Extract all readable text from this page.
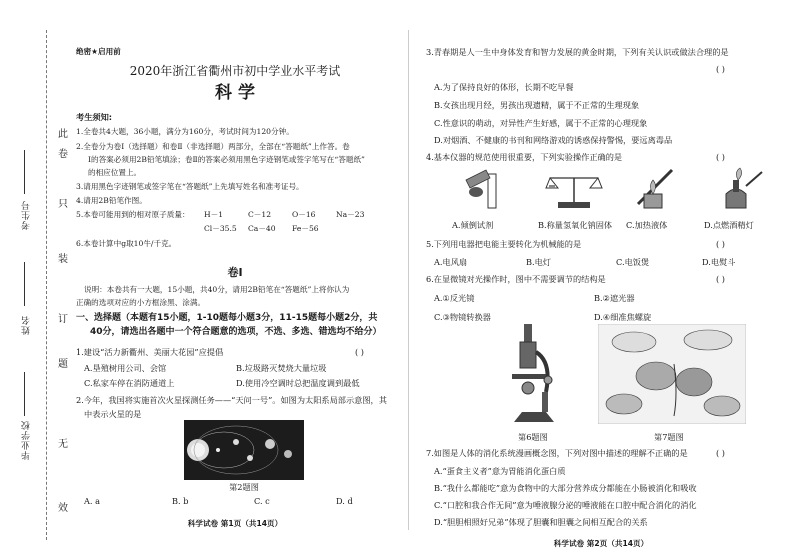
此
卷
只
装
订
题
无
效
考生号
姓名
毕业学校
绝密★启用前
2020年浙江省衢州市初中学业水平考试
科 学
考生须知:
1.全卷共4大题，36小题，满分为160分，考试时间为120分钟。
2.全卷分为卷Ⅰ（选择题）和卷Ⅱ（非选择题）两部分，全部在“答题纸”上作答。卷
Ⅰ的答案必须用2B铅笔填涂；卷Ⅱ的答案必须用黑色字迹钢笔或签字笔写在“答题纸”
的相应位置上。
3.请用黑色字迹钢笔或签字笔在“答题纸”上先填写姓名和准考证号。
4.请用2B铅笔作图。
5.本卷可能用到的相对原子质量： H－1	C－12	O－16	Na－23
Cl－35.5 Ca－40 Fe－56
6.本卷计算中g取10牛/千克。
卷Ⅰ
说明：本卷共有一大题，15小题，共40分，请用2B铅笔在“答题纸”上将你认为
正确的选项对应的小方框涂黑、涂满。
一、选择题（本题有15小题，1-10题每小题3分，11-15题每小题2分，共
40分，请选出各题中一个符合题意的选项，不选、多选、错选均不给分）
1.建设“活力新衢州、美丽大花园”应提倡	( )
A.垦殖树用公司、会馆	B.垃圾路灭焚烧大量垃圾
C.私家车停在消防通道上	D.使用冷空调时总把温度调到最低
2.今年，我国将实施首次火星探测任务——“天问一号”。如图为太阳系局部示意图，其
中表示火星的是
第2题图
A. a	B. b	C. c	D. d
科学试卷 第1页（共14页）
3.青春期是人一生中身体发育和智力发展的黄金时期，下列有关认识或做法合理的是
( )
A.为了保持良好的体形，长期不吃早餐
B.女孩出现月经，男孩出现遗精，属于不正常的生理现象
C.性意识的萌动，对异性产生好感，属于不正常的心理现象
D.对烟酒、不健康的书刊和网络游戏的诱惑保持警惕，要远离毒品
4.基本仪器的规范使用很重要，下列实验操作正确的是	( )
A.倾倒试剂	B.称量氢氧化钠固体 C.加热液体	D.点燃酒精灯
5.下列用电器把电能主要转化为机械能的是	( )
A.电风扇	B.电灯	C.电饭煲	D.电熨斗
6.在显微镜对光操作时，图中不需要调节的结构是	( )
A.①反光镜	B.②遮光器
C.③物镜转换器	D.④细准焦螺旋
第6题图	第7题图
7.如图是人体的消化系统漫画概念图，下列对图中描述的理解不正确的是	( )
A.“蛋食主义者”意为胃能消化蛋白质
B.“我什么都能吃”意为食物中的大部分营养成分都能在小肠被消化和吸收
C.“口腔和我合作无间”意为唾液腺分泌的唾液能在口腔中配合消化的消化
D.“胆胆相照好兄弟”体现了胆囊和胆囊之间相互配合的关系
科学试卷 第2页（共14页）
